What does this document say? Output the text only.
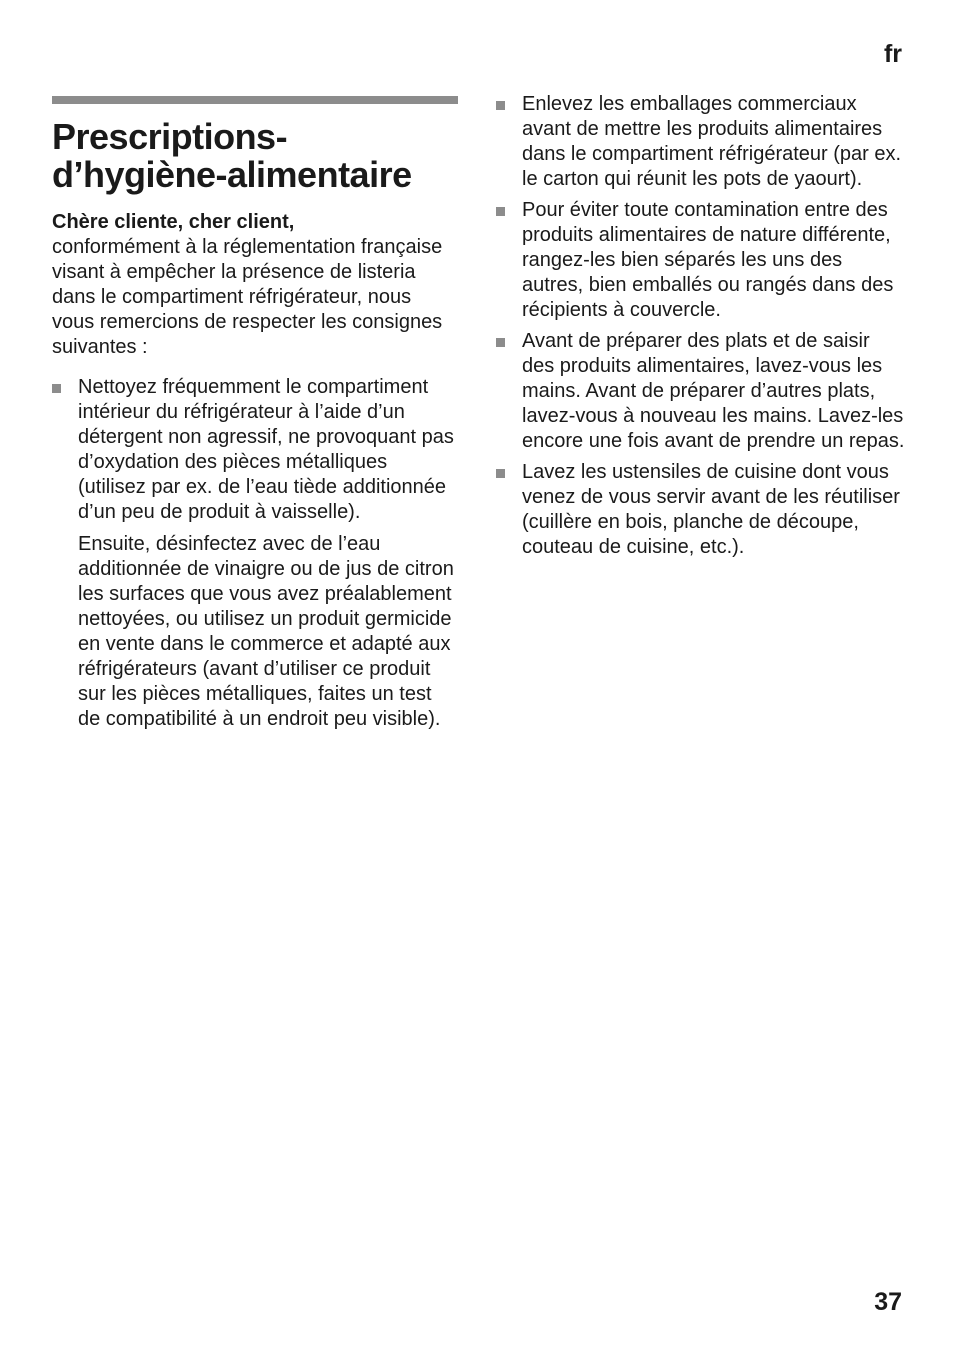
fr
Prescriptions-
d’hygiène-alimentaire
Chère cliente, cher client,
conformément à la réglementation française visant à empêcher la présence de listeria dans le compartiment réfrigérateur, nous vous remercions de respecter les consignes suivantes :
Nettoyez fréquemment le compartiment intérieur du réfrigérateur à l’aide d’un détergent non agressif, ne provoquant pas d’oxydation des pièces métalliques (utilisez par ex. de l’eau tiède additionnée d’un peu de produit à vaisselle).
Ensuite, désinfectez avec de l’eau additionnée de vinaigre ou de jus de citron les surfaces que vous avez préalablement nettoyées, ou utilisez un produit germicide en vente dans le commerce et adapté aux réfrigérateurs (avant d’utiliser ce produit sur les pièces métalliques, faites un test de compatibilité à un endroit peu visible).
Enlevez les emballages commerciaux avant de mettre les produits alimentaires dans le compartiment réfrigérateur (par ex. le carton qui réunit les pots de yaourt).
Pour éviter toute contamination entre des produits alimentaires de nature différente, rangez-les bien séparés les uns des autres, bien emballés ou rangés dans des récipients à couvercle.
Avant de préparer des plats et de saisir des produits alimentaires, lavez-vous les mains. Avant de préparer d’autres plats, lavez-vous à nouveau les mains. Lavez-les encore une fois avant de prendre un repas.
Lavez les ustensiles de cuisine dont vous venez de vous servir avant de les réutiliser (cuillère en bois, planche de découpe, couteau de cuisine, etc.).
37
